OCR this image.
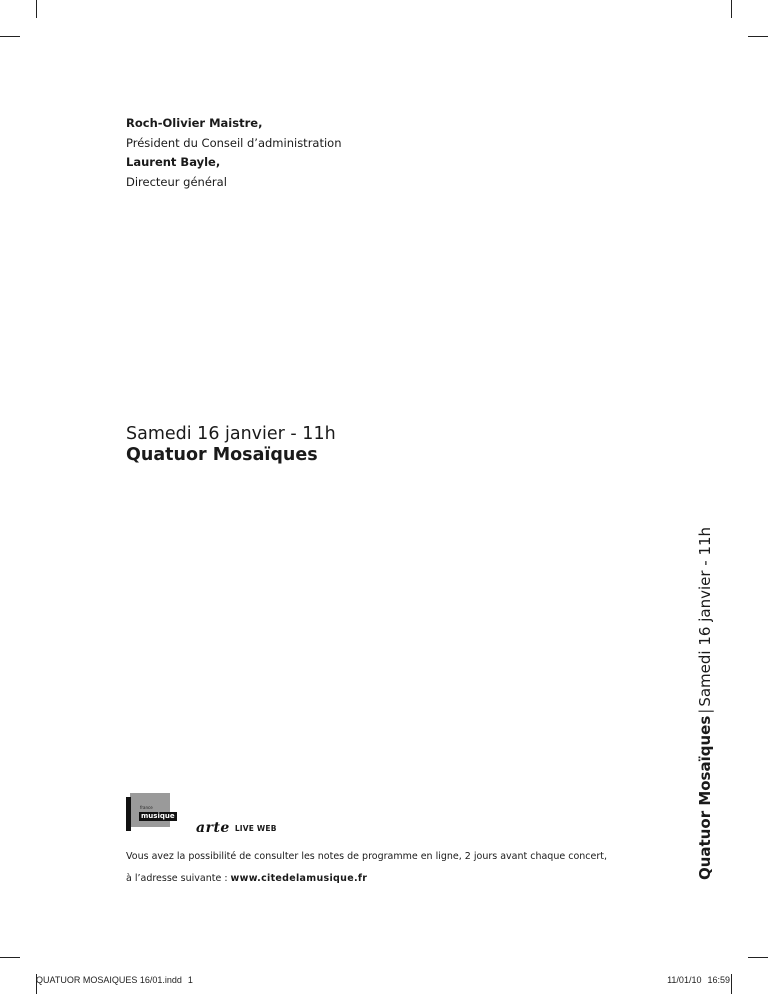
Roch-Olivier Maistre,
Président du Conseil d’administration
Laurent Bayle,
Directeur général
Samedi 16 janvier - 11h
Quatuor Mosaïques
Quatuor Mosaïques|Samedi 16 janvier - 11h
france
musique
arte LIVE WEB
Vous avez la possibilité de consulter les notes de programme en ligne, 2 jours avant chaque concert,
à l’adresse suivante : www.citedelamusique.fr
QUATUOR MOSAIQUES 16/01.indd 1	11/01/10 16:59
